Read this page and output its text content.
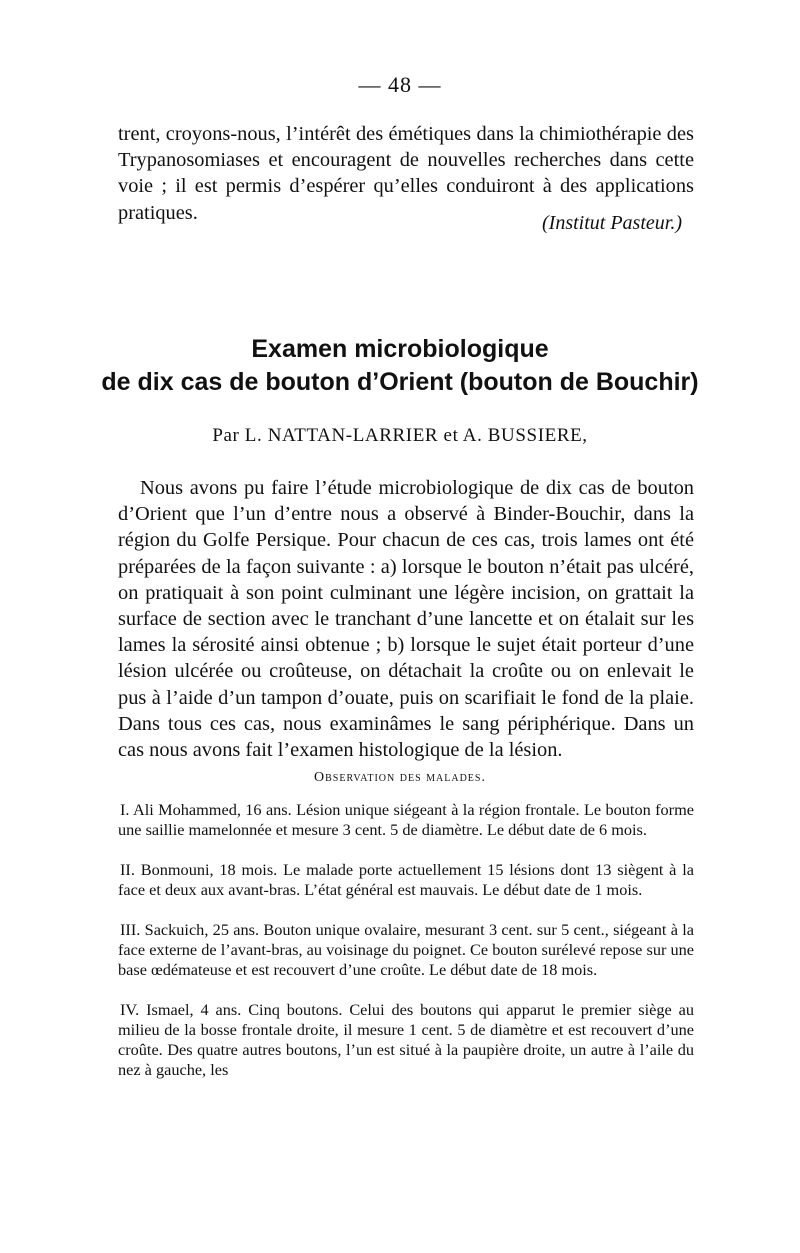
— 48 —

trent, croyons-nous, l’intérêt des émétiques dans la chimiothérapie des Trypanosomiases et encouragent de nouvelles recherches dans cette voie ; il est permis d’espérer qu’elles conduiront à des applications pratiques.	(Institut Pasteur.)
Examen microbiologique
de dix cas de bouton d’Orient (bouton de Bouchir)
Par L. NATTAN-LARRIER et A. BUSSIERE,

Nous avons pu faire l’étude microbiologique de dix cas de bouton d’Orient que l’un d’entre nous a observé à Binder-Bouchir, dans la région du Golfe Persique. Pour chacun de ces cas, trois lames ont été préparées de la façon suivante : a) lorsque le bouton n’était pas ulcéré, on pratiquait à son point culminant une légère incision, on grattait la surface de section avec le tranchant d’une lancette et on étalait sur les lames la sérosité ainsi obtenue ; b) lorsque le sujet était porteur d’une lésion ulcérée ou croûteuse, on détachait la croûte ou on enlevait le pus à l’aide d’un tampon d’ouate, puis on scarifiait le fond de la plaie. Dans tous ces cas, nous examinâmes le sang périphérique. Dans un cas nous avons fait l’examen histologique de la lésion.

Observation des malades.

I. Ali Mohammed, 16 ans. Lésion unique siégeant à la région frontale. Le bouton forme une saillie mamelonnée et mesure 3 cent. 5 de diamètre. Le début date de 6 mois.

II. Bonmouni, 18 mois. Le malade porte actuellement 15 lésions dont 13 siègent à la face et deux aux avant-bras. L’état général est mauvais. Le début date de 1 mois.

III. Sackuich, 25 ans. Bouton unique ovalaire, mesurant 3 cent. sur 5 cent., siégeant à la face externe de l’avant-bras, au voisinage du poignet. Ce bouton surélevé repose sur une base œdémateuse et est recouvert d’une croûte. Le début date de 18 mois.

IV. Ismael, 4 ans. Cinq boutons. Celui des boutons qui apparut le premier siège au milieu de la bosse frontale droite, il mesure 1 cent. 5 de diamètre et est recouvert d’une croûte. Des quatre autres boutons, l’un est situé à la paupière droite, un autre à l’aile du nez à gauche, les
